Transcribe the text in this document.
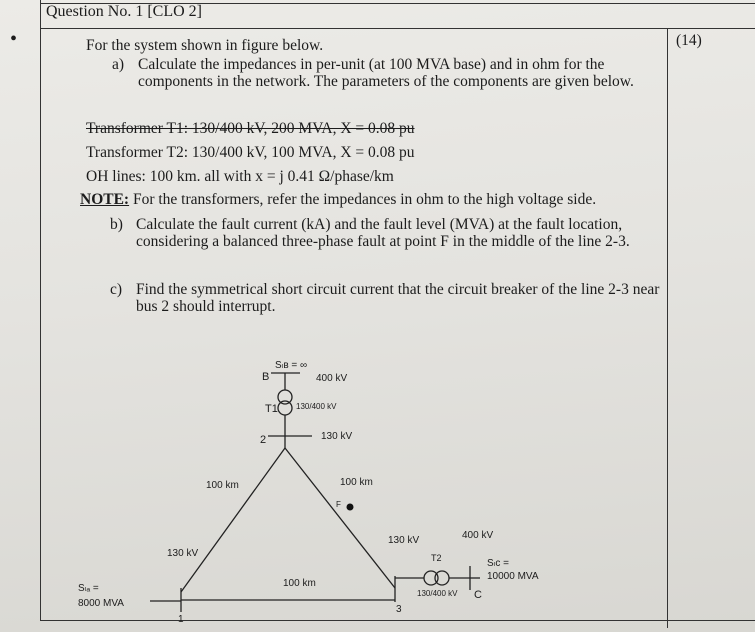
•
Question No. 1 [CLO 2]
(14)
For the system shown in figure below.
a) Calculate the impedances in per-unit (at 100 MVA base) and in ohm for the components in the network. The parameters of the components are given below.
Transformer T1: 130/400 kV, 200 MVA, X = 0.08 pu
Transformer T2: 130/400 kV, 100 MVA, X = 0.08 pu
OH lines: 100 km. all with x = j 0.41 Ω/phase/km
NOTE: For the transformers, refer the impedances in ohm to the high voltage side.
b) Calculate the fault current (kA) and the fault level (MVA) at the fault location, considering a balanced three-phase fault at point F in the middle of the line 2-3.
c) Find the symmetrical short circuit current that the circuit breaker of the line 2-3 near bus 2 should interrupt.
Sₗʙ = ∞
B	400 kV
T1 130/400 kV
2	130 kV
100 km	100 km
F
130 kV
Sₗₐ =
8000 MVA
1
100 km
130 kV	400 kV
T2
130/400 kV
3
C
Sₗᴄ =
10000 MVA
